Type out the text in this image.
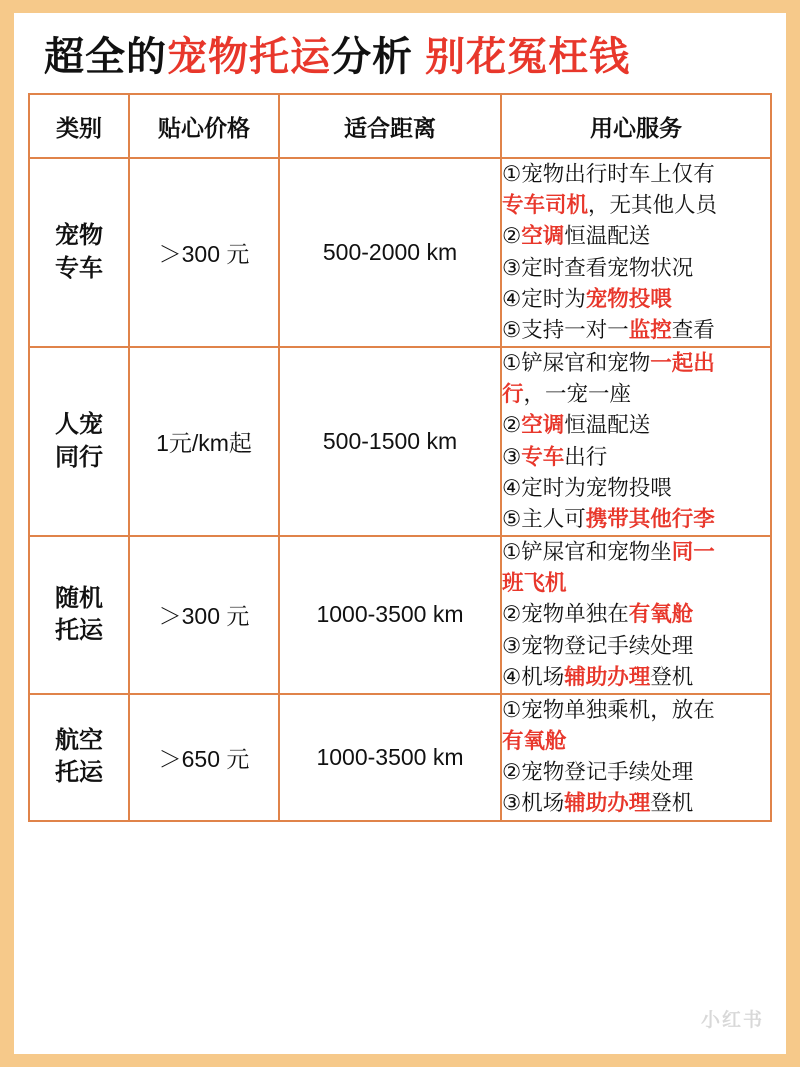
超全的宠物托运分析 别花冤枉钱
类别	贴心价格	适合距离	用心服务
宠物
专车	＞300 元	500-2000 km	
①宠物出行时车上仅有
专车司机，无其他人员
②空调恒温配送
③定时查看宠物状况
④定时为宠物投喂
⑤支持一对一监控查看

人宠
同行	1元/km起	500-1500 km	
①铲屎官和宠物一起出
行，一宠一座
②空调恒温配送
③专车出行
④定时为宠物投喂
⑤主人可携带其他行李

随机
托运	＞300 元	1000-3500 km	
①铲屎官和宠物坐同一
班飞机
②宠物单独在有氧舱
③宠物登记手续处理
④机场辅助办理登机

航空
托运	＞650 元	1000-3500 km	
①宠物单独乘机，放在
有氧舱
②宠物登记手续处理
③机场辅助办理登机
小红书
